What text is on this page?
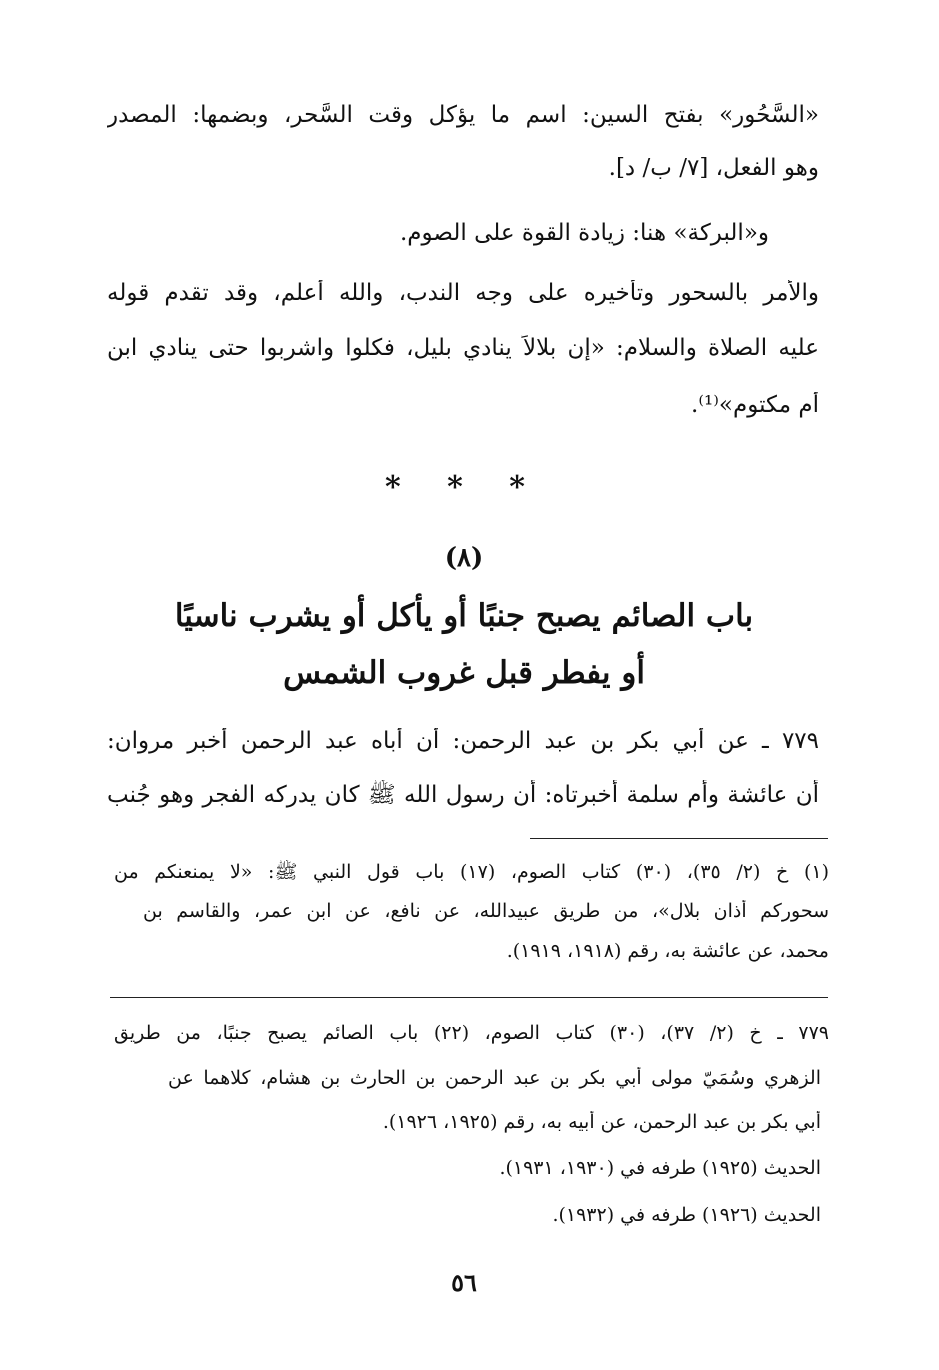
«السَّحُور» بفتح السين: اسم ما يؤكل وقت السَّحر، وبضمها: المصدر
وهو الفعل، [٧/ ب/ د].
و«البركة» هنا: زيادة القوة على الصوم.
والأمر بالسحور وتأخيرِه على وجه الندب، والله أعلم، وقد تقدم قوله
عليه الصلاة والسلام: «إن بلالاً ينادي بليل، فكلوا واشربوا حتى ينادي ابن
أم مكتوم»⁽¹⁾.
* * *
(٨)
باب الصائم يصبح جنبًا أو يأكل أو يشرب ناسيًا
أو يفطر قبل غروب الشمس
٧٧٩ ـ عن أبي بكر بن عبد الرحمن: أن أباه عبد الرحمن أخبر مروان:
أن عائشة وأم سلمة أخبرتاه: أن رسول الله ﷺ كان يدركه الفجر وهو جُنب
(١) خ (٢/ ٣٥)، (٣٠) كتاب الصوم، (١٧) باب قول النبي ﷺ: «لا يمنعنكم من
سحوركم أذان بلال»، من طريق عبيدالله، عن نافع، عن ابن عمر، والقاسم بن
محمد، عن عائشة به، رقم (١٩١٨، ١٩١٩).
٧٧٩ ـ خ (٢/ ٣٧)، (٣٠) كتاب الصوم، (٢٢) باب الصائم يصبح جنبًا، من طريق
الزهري وسُمَيّ مولى أبي بكر بن عبد الرحمن بن الحارث بن هشام، كلاهما عن
أبي بكر بن عبد الرحمن، عن أبيه به، رقم (١٩٢٥، ١٩٢٦).
الحديث (١٩٢٥) طرفه في (١٩٣٠، ١٩٣١).
الحديث (١٩٢٦) طرفه في (١٩٣٢).
٥٦
